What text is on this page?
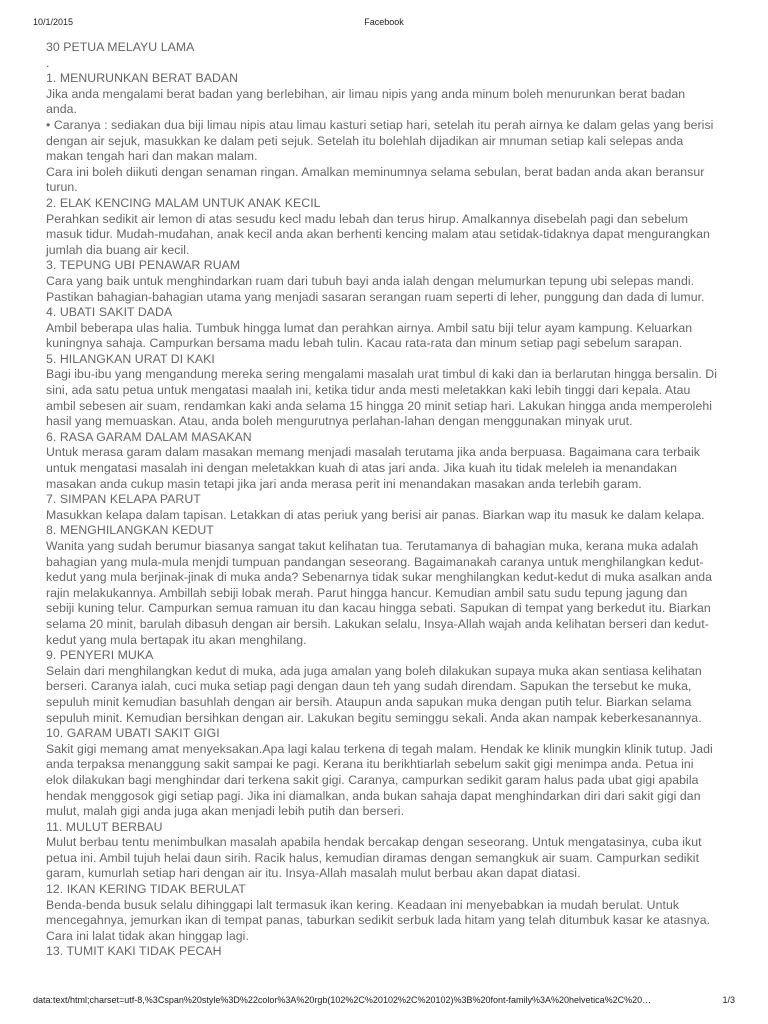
10/1/2015	Facebook
30 PETUA MELAYU LAMA
.
1. MENURUNKAN BERAT BADAN
Jika anda mengalami berat badan yang berlebihan, air limau nipis yang anda minum boleh menurunkan berat badan anda.
• Caranya : sediakan dua biji limau nipis atau limau kasturi setiap hari, setelah itu perah airnya ke dalam gelas yang berisi dengan air sejuk, masukkan ke dalam peti sejuk. Setelah itu bolehlah dijadikan air mnuman setiap kali selepas anda makan tengah hari dan makan malam.
Cara ini boleh diikuti dengan senaman ringan. Amalkan meminumnya selama sebulan, berat badan anda akan beransur turun.
2. ELAK KENCING MALAM UNTUK ANAK KECIL
Perahkan sedikit air lemon di atas sesudu kecl madu lebah dan terus hirup. Amalkannya disebelah pagi dan sebelum masuk tidur. Mudah-mudahan, anak kecil anda akan berhenti kencing malam atau setidak-tidaknya dapat mengurangkan jumlah dia buang air kecil.
3. TEPUNG UBI PENAWAR RUAM
Cara yang baik untuk menghindarkan ruam dari tubuh bayi anda ialah dengan melumurkan tepung ubi selepas mandi. Pastikan bahagian-bahagian utama yang menjadi sasaran serangan ruam seperti di leher, punggung dan dada di lumur.
4. UBATI SAKIT DADA
Ambil beberapa ulas halia. Tumbuk hingga lumat dan perahkan airnya. Ambil satu biji telur ayam kampung. Keluarkan kuningnya sahaja. Campurkan bersama madu lebah tulin. Kacau rata-rata dan minum setiap pagi sebelum sarapan.
5. HILANGKAN URAT DI KAKI
Bagi ibu-ibu yang mengandung mereka sering mengalami masalah urat timbul di kaki dan ia berlarutan hingga bersalin. Di sini, ada satu petua untuk mengatasi maalah ini, ketika tidur anda mesti meletakkan kaki lebih tinggi dari kepala. Atau ambil sebesen air suam, rendamkan kaki anda selama 15 hingga 20 minit setiap hari. Lakukan hingga anda memperolehi hasil yang memuaskan. Atau, anda boleh mengurutnya perlahan-lahan dengan menggunakan minyak urut.
6. RASA GARAM DALAM MASAKAN
Untuk merasa garam dalam masakan memang menjadi masalah terutama jika anda berpuasa. Bagaimana cara terbaik untuk mengatasi masalah ini dengan meletakkan kuah di atas jari anda. Jika kuah itu tidak meleleh ia menandakan masakan anda cukup masin tetapi jika jari anda merasa perit ini menandakan masakan anda terlebih garam.
7. SIMPAN KELAPA PARUT
Masukkan kelapa dalam tapisan. Letakkan di atas periuk yang berisi air panas. Biarkan wap itu masuk ke dalam kelapa.
8. MENGHILANGKAN KEDUT
Wanita yang sudah berumur biasanya sangat takut kelihatan tua. Terutamanya di bahagian muka, kerana muka adalah bahagian yang mula-mula menjdi tumpuan pandangan seseorang. Bagaimanakah caranya untuk menghilangkan kedut-kedut yang mula berjinak-jinak di muka anda? Sebenarnya tidak sukar menghilangkan kedut-kedut di muka asalkan anda rajin melakukannya. Ambillah sebiji lobak merah. Parut hingga hancur. Kemudian ambil satu sudu tepung jagung dan sebiji kuning telur. Campurkan semua ramuan itu dan kacau hingga sebati. Sapukan di tempat yang berkedut itu. Biarkan selama 20 minit, barulah dibasuh dengan air bersih. Lakukan selalu, Insya-Allah wajah anda kelihatan berseri dan kedut-kedut yang mula bertapak itu akan menghilang.
9. PENYERI MUKA
Selain dari menghilangkan kedut di muka, ada juga amalan yang boleh dilakukan supaya muka akan sentiasa kelihatan berseri. Caranya ialah, cuci muka setiap pagi dengan daun teh yang sudah direndam. Sapukan the tersebut ke muka, sepuluh minit kemudian basuhlah dengan air bersih. Ataupun anda sapukan muka dengan putih telur. Biarkan selama sepuluh minit. Kemudian bersihkan dengan air. Lakukan begitu seminggu sekali. Anda akan nampak keberkesanannya.
10. GARAM UBATI SAKIT GIGI
Sakit gigi memang amat menyeksakan.Apa lagi kalau terkena di tegah malam. Hendak ke klinik mungkin klinik tutup. Jadi anda terpaksa menanggung sakit sampai ke pagi. Kerana itu berikhtiarlah sebelum sakit gigi menimpa anda. Petua ini elok dilakukan bagi menghindar dari terkena sakit gigi. Caranya, campurkan sedikit garam halus pada ubat gigi apabila hendak menggosok gigi setiap pagi. Jika ini diamalkan, anda bukan sahaja dapat menghindarkan diri dari sakit gigi dan mulut, malah gigi anda juga akan menjadi lebih putih dan berseri.
11. MULUT BERBAU
Mulut berbau tentu menimbulkan masalah apabila hendak bercakap dengan seseorang. Untuk mengatasinya, cuba ikut petua ini. Ambil tujuh helai daun sirih. Racik halus, kemudian diramas dengan semangkuk air suam. Campurkan sedikit garam, kumurlah setiap hari dengan air itu. Insya-Allah masalah mulut berbau akan dapat diatasi.
12. IKAN KERING TIDAK BERULAT
Benda-benda busuk selalu dihinggapi lalt termasuk ikan kering. Keadaan ini menyebabkan ia mudah berulat. Untuk mencegahnya, jemurkan ikan di tempat panas, taburkan sedikit serbuk lada hitam yang telah ditumbuk kasar ke atasnya. Cara ini lalat tidak akan hinggap lagi.
13. TUMIT KAKI TIDAK PECAH
data:text/html;charset=utf-8,%3Cspan%20style%3D%22color%3A%20rgb(102%2C%20102%2C%20102)%3B%20font-family%3A%20helvetica%2C%20…	1/3
